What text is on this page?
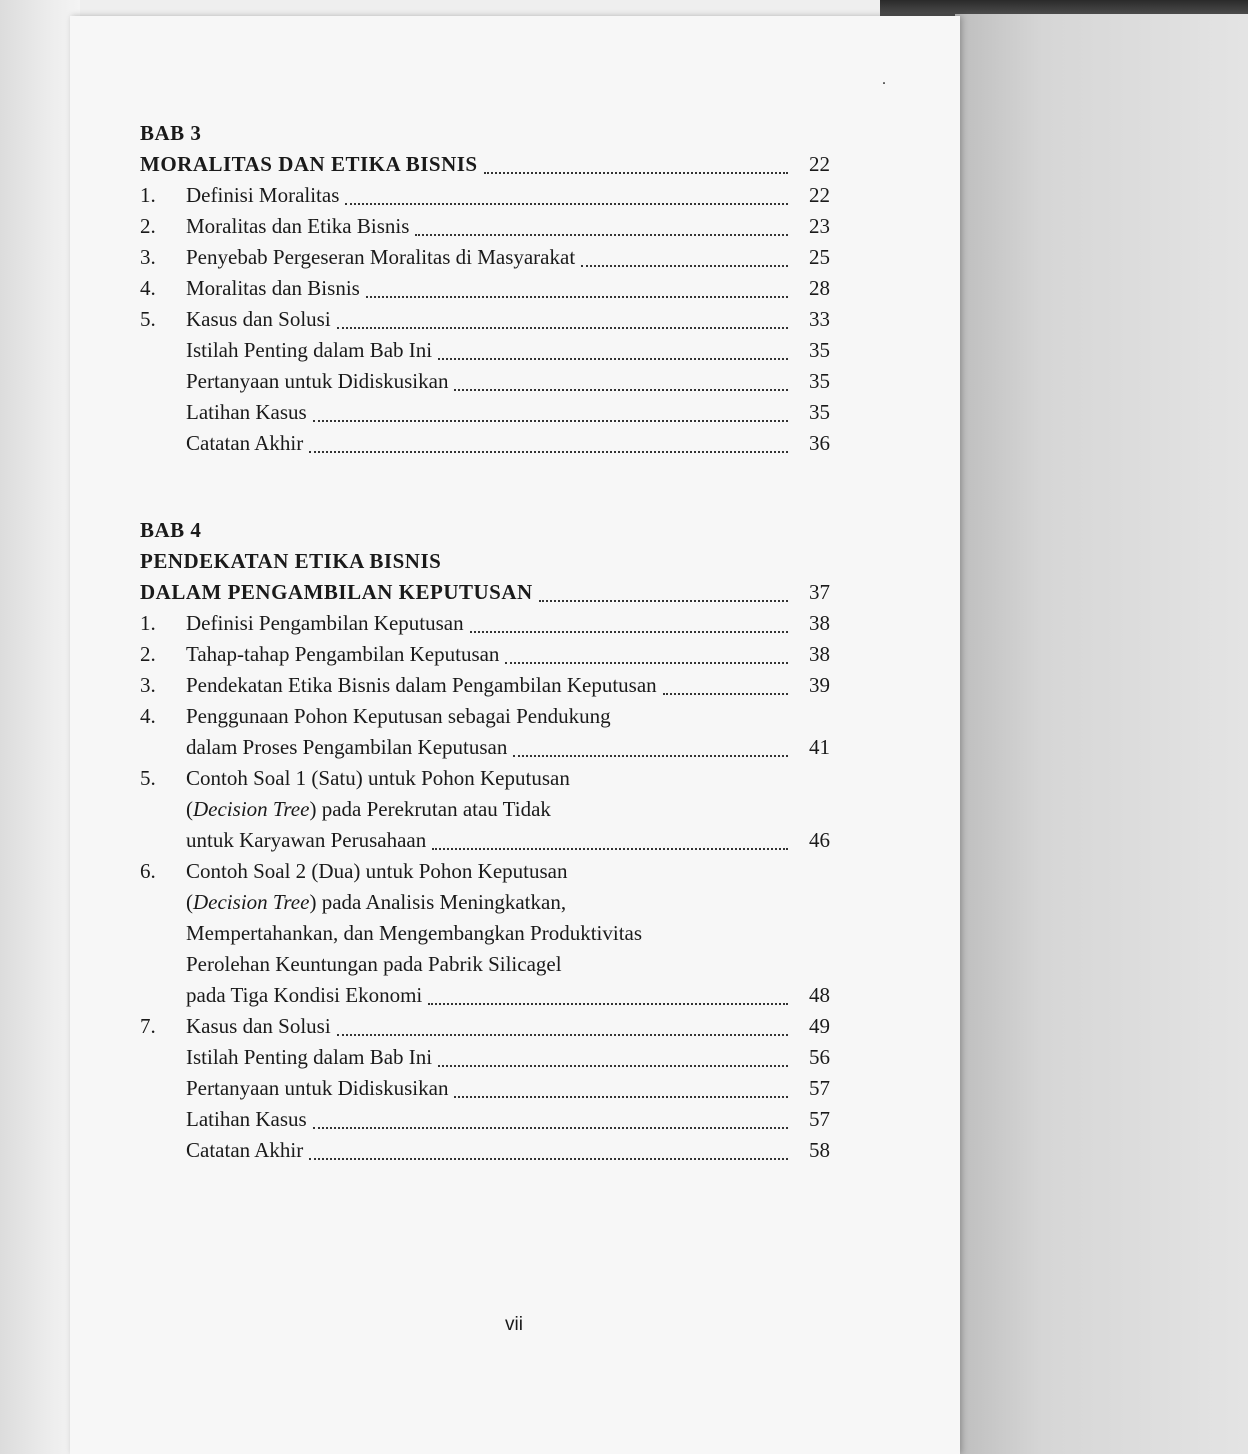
.
BAB 3
MORALITAS DAN ETIKA BISNIS	22
1.	Definisi Moralitas	22
2.	Moralitas dan Etika Bisnis	23
3.	Penyebab Pergeseran Moralitas di Masyarakat	25
4.	Moralitas dan Bisnis	28
5.	Kasus dan Solusi	33
Istilah Penting dalam Bab Ini	35
Pertanyaan untuk Didiskusikan	35
Latihan Kasus	35
Catatan Akhir	36
BAB 4
PENDEKATAN ETIKA BISNIS
DALAM PENGAMBILAN KEPUTUSAN	37
1.	Definisi Pengambilan Keputusan	38
2.	Tahap-tahap Pengambilan Keputusan	38
3.	Pendekatan Etika Bisnis dalam Pengambilan Keputusan	39
4.	Penggunaan Pohon Keputusan sebagai Pendukung
dalam Proses Pengambilan Keputusan	41
5.	Contoh Soal 1 (Satu) untuk Pohon Keputusan
(Decision Tree) pada Perekrutan atau Tidak
untuk Karyawan Perusahaan	46
6.	Contoh Soal 2 (Dua) untuk Pohon Keputusan
(Decision Tree) pada Analisis Meningkatkan,
Mempertahankan, dan Mengembangkan Produktivitas
Perolehan Keuntungan pada Pabrik Silicagel
pada Tiga Kondisi Ekonomi	48
7.	Kasus dan Solusi	49
Istilah Penting dalam Bab Ini	56
Pertanyaan untuk Didiskusikan	57
Latihan Kasus	57
Catatan Akhir	58
vii
